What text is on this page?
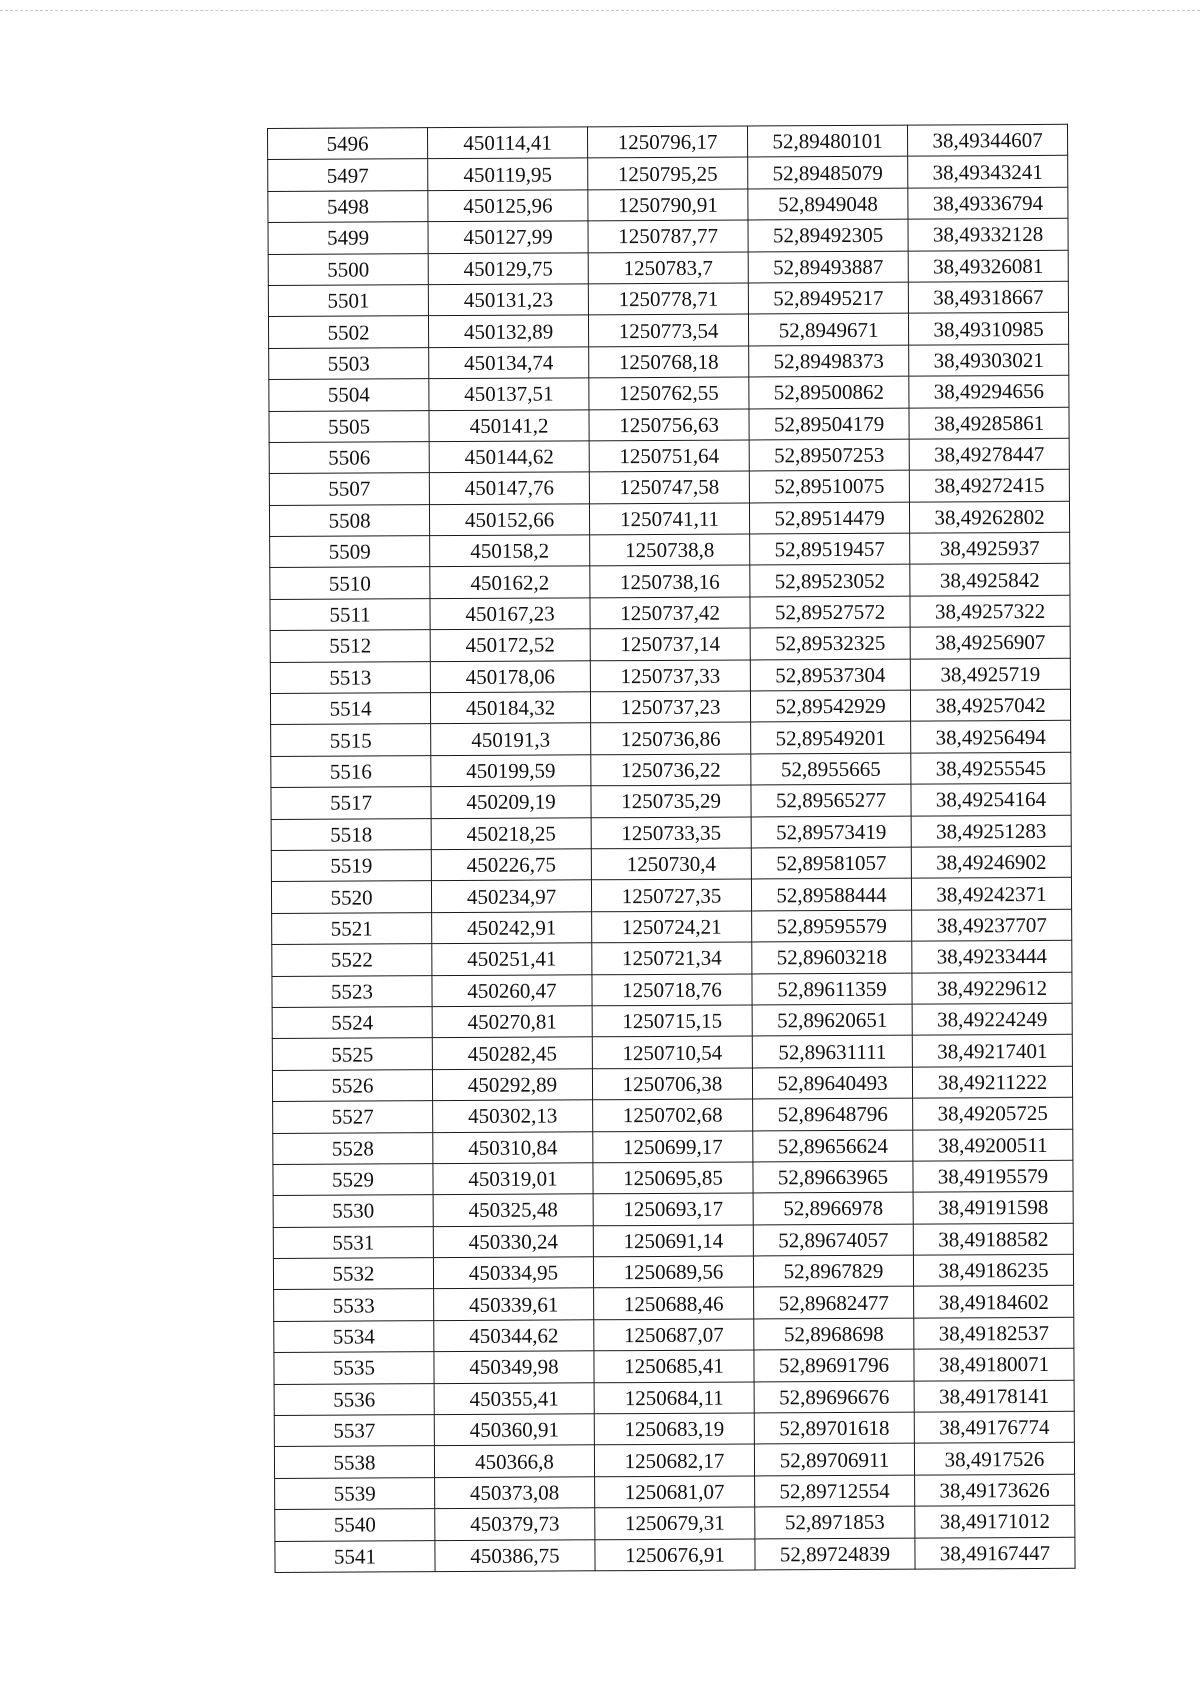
5496	450114,41	1250796,17	52,89480101	38,49344607
5497	450119,95	1250795,25	52,89485079	38,49343241
5498	450125,96	1250790,91	52,8949048	38,49336794
5499	450127,99	1250787,77	52,89492305	38,49332128
5500	450129,75	1250783,7	52,89493887	38,49326081
5501	450131,23	1250778,71	52,89495217	38,49318667
5502	450132,89	1250773,54	52,8949671	38,49310985
5503	450134,74	1250768,18	52,89498373	38,49303021
5504	450137,51	1250762,55	52,89500862	38,49294656
5505	450141,2	1250756,63	52,89504179	38,49285861
5506	450144,62	1250751,64	52,89507253	38,49278447
5507	450147,76	1250747,58	52,89510075	38,49272415
5508	450152,66	1250741,11	52,89514479	38,49262802
5509	450158,2	1250738,8	52,89519457	38,4925937
5510	450162,2	1250738,16	52,89523052	38,4925842
5511	450167,23	1250737,42	52,89527572	38,49257322
5512	450172,52	1250737,14	52,89532325	38,49256907
5513	450178,06	1250737,33	52,89537304	38,4925719
5514	450184,32	1250737,23	52,89542929	38,49257042
5515	450191,3	1250736,86	52,89549201	38,49256494
5516	450199,59	1250736,22	52,8955665	38,49255545
5517	450209,19	1250735,29	52,89565277	38,49254164
5518	450218,25	1250733,35	52,89573419	38,49251283
5519	450226,75	1250730,4	52,89581057	38,49246902
5520	450234,97	1250727,35	52,89588444	38,49242371
5521	450242,91	1250724,21	52,89595579	38,49237707
5522	450251,41	1250721,34	52,89603218	38,49233444
5523	450260,47	1250718,76	52,89611359	38,49229612
5524	450270,81	1250715,15	52,89620651	38,49224249
5525	450282,45	1250710,54	52,89631111	38,49217401
5526	450292,89	1250706,38	52,89640493	38,49211222
5527	450302,13	1250702,68	52,89648796	38,49205725
5528	450310,84	1250699,17	52,89656624	38,49200511
5529	450319,01	1250695,85	52,89663965	38,49195579
5530	450325,48	1250693,17	52,8966978	38,49191598
5531	450330,24	1250691,14	52,89674057	38,49188582
5532	450334,95	1250689,56	52,8967829	38,49186235
5533	450339,61	1250688,46	52,89682477	38,49184602
5534	450344,62	1250687,07	52,8968698	38,49182537
5535	450349,98	1250685,41	52,89691796	38,49180071
5536	450355,41	1250684,11	52,89696676	38,49178141
5537	450360,91	1250683,19	52,89701618	38,49176774
5538	450366,8	1250682,17	52,89706911	38,4917526
5539	450373,08	1250681,07	52,89712554	38,49173626
5540	450379,73	1250679,31	52,8971853	38,49171012
5541	450386,75	1250676,91	52,89724839	38,49167447
